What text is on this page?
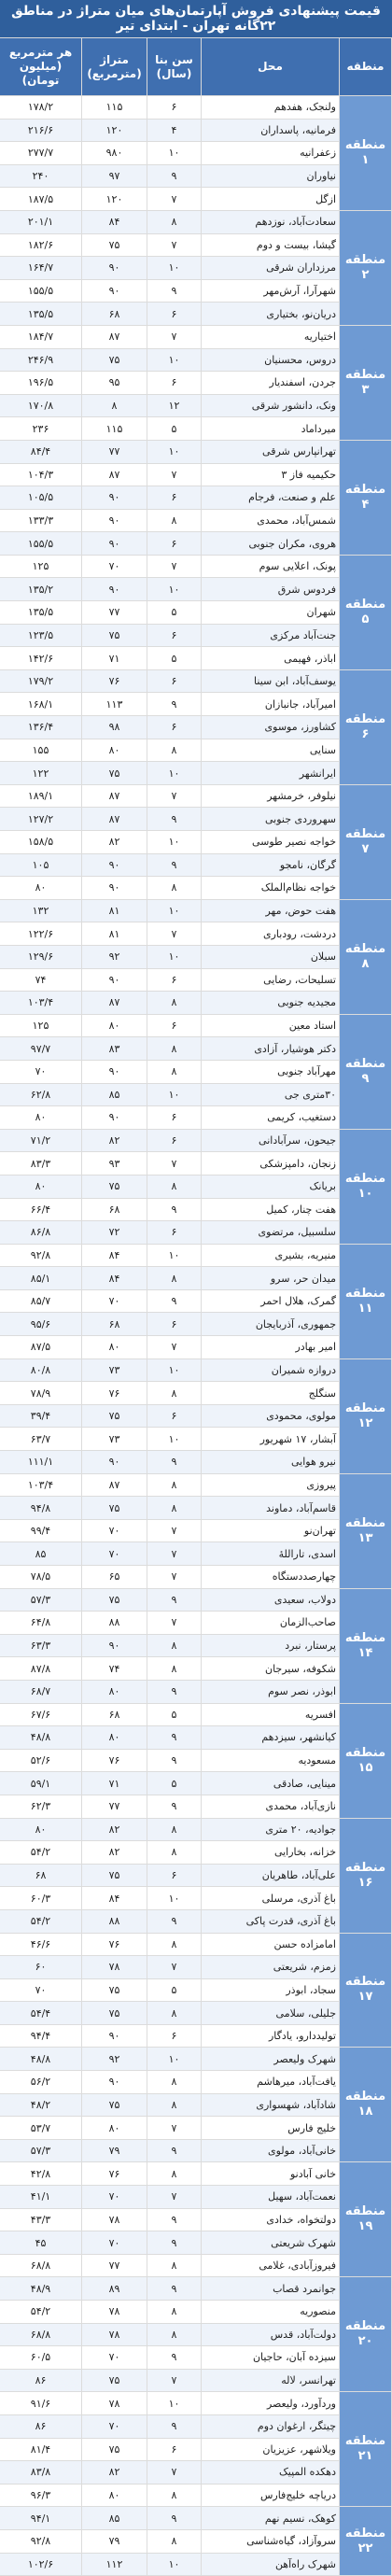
قیمت پیشنهادی فروش آپارتمان‌های میان متراژ در مناطق ۲۲گانه تهران - ابتدای تیر
منطقه	محل	سن بنا (سال)	متراژ (مترمربع)	هر مترمربع (میلیون تومان)
منطقه ۱	ولنجک، هفدهم	۶	۱۱۵	۱۷۸/۲
	فرمانیه، پاسداران	۴	۱۲۰	۲۱۶/۶
	زعفرانیه	۱۰	۹۸۰	۲۷۷/۷
	نیاوران	۹	۹۷	۲۴۰
	ازگل	۷	۱۲۰	۱۸۷/۵
منطقه ۲	سعادت‌آباد، نوزدهم	۸	۸۴	۲۰۱/۱
	گیشا، بیست و دوم	۷	۷۵	۱۸۲/۶
	مرزداران شرقی	۱۰	۹۰	۱۶۴/۷
	شهرآرا، آرش‌مهر	۹	۹۰	۱۵۵/۵
	دریان‌نو، بختیاری	۶	۶۸	۱۳۵/۵
منطقه ۳	اختیاریه	۷	۸۷	۱۸۴/۷
	دروس، محسنیان	۱۰	۷۵	۲۴۶/۹
	جردن، اسفندیار	۶	۹۵	۱۹۶/۵
	ونک، دانشور شرقی	۱۲	۸	۱۷۰/۸
	میرداماد	۵	۱۱۵	۲۳۶
منطقه ۴	تهرانپارس شرقی	۱۰	۷۷	۸۴/۴
	حکیمیه فاز ۳	۷	۸۷	۱۰۴/۳
	علم و صنعت، فرجام	۶	۹۰	۱۰۵/۵
	شمس‌آباد، محمدی	۸	۹۰	۱۳۳/۳
	هروی، مکران جنوبی	۶	۹۰	۱۵۵/۵
منطقه ۵	پونک، اعلایی سوم	۷	۷۰	۱۲۵
	فردوس شرق	۱۰	۹۰	۱۳۵/۲
	شهران	۵	۷۷	۱۳۵/۵
	جنت‌آباد مرکزی	۶	۷۵	۱۲۳/۵
	اباذر، فهیمی	۵	۷۱	۱۴۲/۶
منطقه ۶	یوسف‌آباد، ابن سینا	۶	۷۶	۱۷۹/۲
	امیرآباد، جانبازان	۹	۱۱۳	۱۶۸/۱
	کشاورز، موسوی	۶	۹۸	۱۳۶/۴
	سنایی	۸	۸۰	۱۵۵
	ایرانشهر	۱۰	۷۵	۱۲۲
منطقه ۷	نیلوفر، خرمشهر	۷	۸۷	۱۸۹/۱
	سهروردی جنوبی	۹	۸۷	۱۲۷/۲
	خواجه نصیر طوسی	۱۰	۸۲	۱۵۸/۵
	گرگان، نامجو	۹	۹۰	۱۰۵
	خواجه نظام‌الملک	۸	۹۰	۸۰
منطقه ۸	هفت حوض، مهر	۱۰	۸۱	۱۳۲
	دردشت، رودباری	۷	۸۱	۱۲۲/۶
	سبلان	۱۰	۹۲	۱۲۹/۶
	تسلیحات، رضایی	۶	۹۰	۷۴
	مجیدیه جنوبی	۸	۸۷	۱۰۳/۴
منطقه ۹	استاد معین	۶	۸۰	۱۲۵
	دکتر هوشیار، آزادی	۸	۸۳	۹۷/۷
	مهرآباد جنوبی	۸	۹۰	۷۰
	۳۰متری جی	۱۰	۸۵	۶۲/۸
	دستغیب، کریمی	۶	۹۰	۸۰
منطقه ۱۰	جیحون، سرآبادانی	۶	۸۲	۷۱/۲
	زنجان، دامپزشکی	۷	۹۳	۸۳/۳
	بریانک	۸	۷۵	۸۰
	هفت چنار، کمیل	۹	۶۸	۶۶/۴
	سلسبیل، مرتضوی	۶	۷۲	۸۶/۸
منطقه ۱۱	منیریه، بشیری	۱۰	۸۴	۹۲/۸
	میدان حر، سرو	۸	۸۴	۸۵/۱
	گمرک، هلال احمر	۹	۷۰	۸۵/۷
	جمهوری، آذربایجان	۶	۶۸	۹۵/۶
	امیر بهادر	۷	۸۰	۸۷/۵
منطقه ۱۲	دروازه شمیران	۱۰	۷۳	۸۰/۸
	سنگلج	۸	۷۶	۷۸/۹
	مولوی، محمودی	۶	۷۵	۳۹/۴
	آبشار، ۱۷ شهریور	۱۰	۷۳	۶۳/۷
	نیرو هوایی	۹	۹۰	۱۱۱/۱
منطقه ۱۳	پیروزی	۸	۸۷	۱۰۳/۴
	قاسم‌آباد، دماوند	۸	۷۵	۹۴/۸
	تهران‌نو	۷	۷۰	۹۹/۴
	اسدی، تاراللهٔ	۷	۷۰	۸۵
	چهارصد‌دستگاه	۷	۶۵	۷۸/۵
منطقه ۱۴	دولاب، سعیدی	۹	۷۵	۵۷/۳
	صاحب‌الزمان	۷	۸۸	۶۴/۸
	پرستار، نبرد	۸	۹۰	۶۳/۳
	شکوفه، سیرجان	۸	۷۴	۸۷/۸
	ابوذر، نصر سوم	۹	۸۰	۶۸/۷
منطقه ۱۵	افسریه	۵	۶۸	۶۷/۶
	کیانشهر، سیزدهم	۹	۸۰	۴۸/۸
	مسعودیه	۹	۷۶	۵۲/۶
	مینایی، صادقی	۵	۷۱	۵۹/۱
	نازی‌آباد، محمدی	۹	۷۷	۶۲/۳
منطقه ۱۶	جوادیه، ۲۰ متری	۸	۸۲	۸۰
	خزانه، بخارایی	۸	۸۲	۵۴/۲
	علی‌آباد، طاهریان	۶	۷۵	۶۸
	باغ آذری، مرسلی	۱۰	۸۴	۶۰/۳
	باغ آذری، قدرت پاکی	۹	۸۸	۵۴/۲
منطقه ۱۷	امامزاده حسن	۸	۷۶	۴۶/۶
	زمزم، شریعتی	۷	۷۸	۶۰
	سجاد، ابوذر	۵	۷۵	۷۰
	جلیلی، سلامی	۸	۷۵	۵۴/۴
	تولیددارو، یادگار	۶	۹۰	۹۴/۴
منطقه ۱۸	شهرک ولیعصر	۱۰	۹۲	۴۸/۸
	یافت‌آباد، میرهاشم	۸	۹۰	۵۶/۲
	شادآباد، شهسواری	۸	۷۵	۴۸/۲
	خلیج فارس	۷	۸۰	۵۳/۷
	خانی‌آباد، مولوی	۹	۷۹	۵۷/۳
منطقه ۱۹	خانی آبادنو	۸	۷۶	۴۲/۸
	نعمت‌آباد، سهیل	۷	۷۰	۴۱/۱
	دولتخواه، خدادی	۹	۷۸	۴۳/۳
	شهرک شریعتی	۹	۷۰	۴۵
	فیروزآبادی، غلامی	۸	۷۷	۶۸/۸
منطقه ۲۰	جوانمرد قصاب	۹	۸۹	۴۸/۹
	منصوریه	۸	۷۸	۵۴/۲
	دولت‌آباد، قدس	۸	۷۸	۶۸/۸
	سیزده آبان، حاجیان	۹	۷۰	۶۰/۵
	تهرانسر، لاله	۷	۷۵	۸۶
منطقه ۲۱	وردآورد، ولیعصر	۱۰	۷۸	۹۱/۶
	چیتگر، ارغوان دوم	۹	۷۰	۸۶
	ویلاشهر، عزیزیان	۶	۷۵	۸۱/۴
	دهکده المپیک	۷	۸۲	۸۳/۸
	دریاچه خلیج‌فارس	۸	۸۰	۹۶/۳
منطقه ۲۲	کوهک، نسیم نهم	۹	۸۵	۹۴/۱
	سروآزاد، گیاه‌شناسی	۸	۷۹	۹۲/۸
	شهرک راه‌آهن	۱۰	۱۱۲	۱۰۲/۶
